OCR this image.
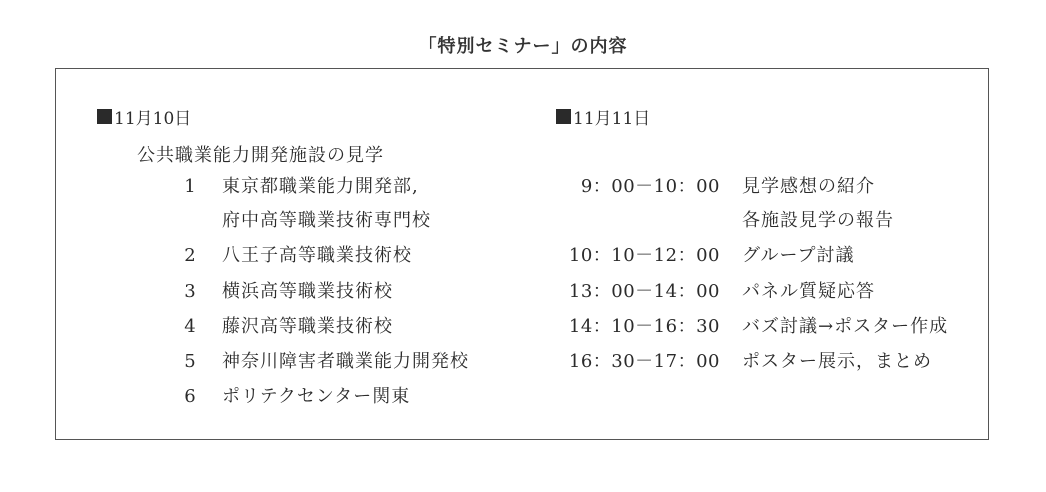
「特別セミナー」の内容
11月10日
公共職業能力開発施設の見学
1 東京都職業能力開発部,
府中高等職業技術専門校
2 八王子高等職業技術校
3 横浜高等職業技術校
4 藤沢高等職業技術校
5 神奈川障害者職業能力開発校
6 ポリテクセンター関東
11月11日
9：00－10：00 見学感想の紹介
各施設見学の報告
10：10－12：00 グループ討議
13：00－14：00 パネル質疑応答
14：10－16：30 バズ討議→ポスター作成
16：30－17：00 ポスター展示，まとめ
